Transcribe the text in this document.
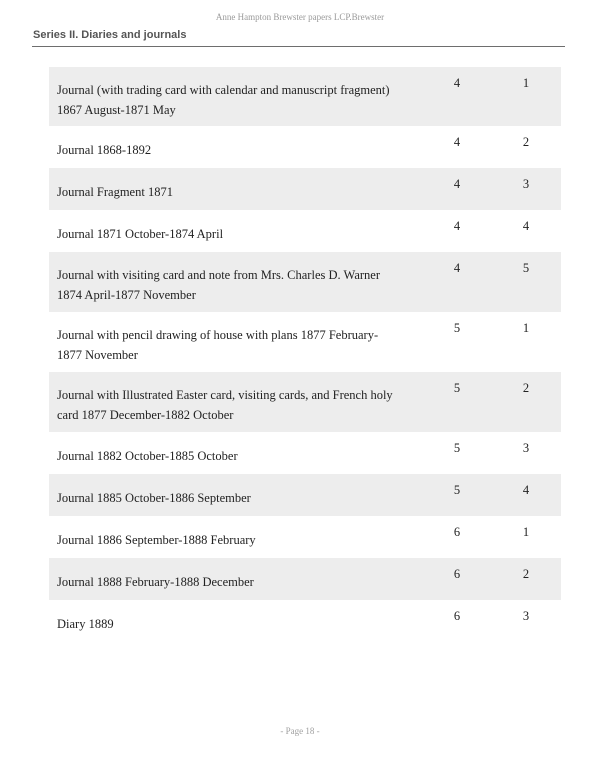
Anne Hampton Brewster papers LCP.Brewster
Series II. Diaries and journals
Journal (with trading card with calendar and manuscript fragment) 1867 August-1871 May
4	1
Journal 1868-1892
4	2
Journal Fragment 1871
4	3
Journal 1871 October-1874 April
4	4
Journal with visiting card and note from Mrs. Charles D. Warner 1874 April-1877 November
4	5
Journal with pencil drawing of house with plans 1877 February-1877 November
5	1
Journal with Illustrated Easter card, visiting cards, and French holy card 1877 December-1882 October
5	2
Journal 1882 October-1885 October
5	3
Journal 1885 October-1886 September
5	4
Journal 1886 September-1888 February
6	1
Journal 1888 February-1888 December
6	2
Diary 1889
6	3
- Page 18 -
